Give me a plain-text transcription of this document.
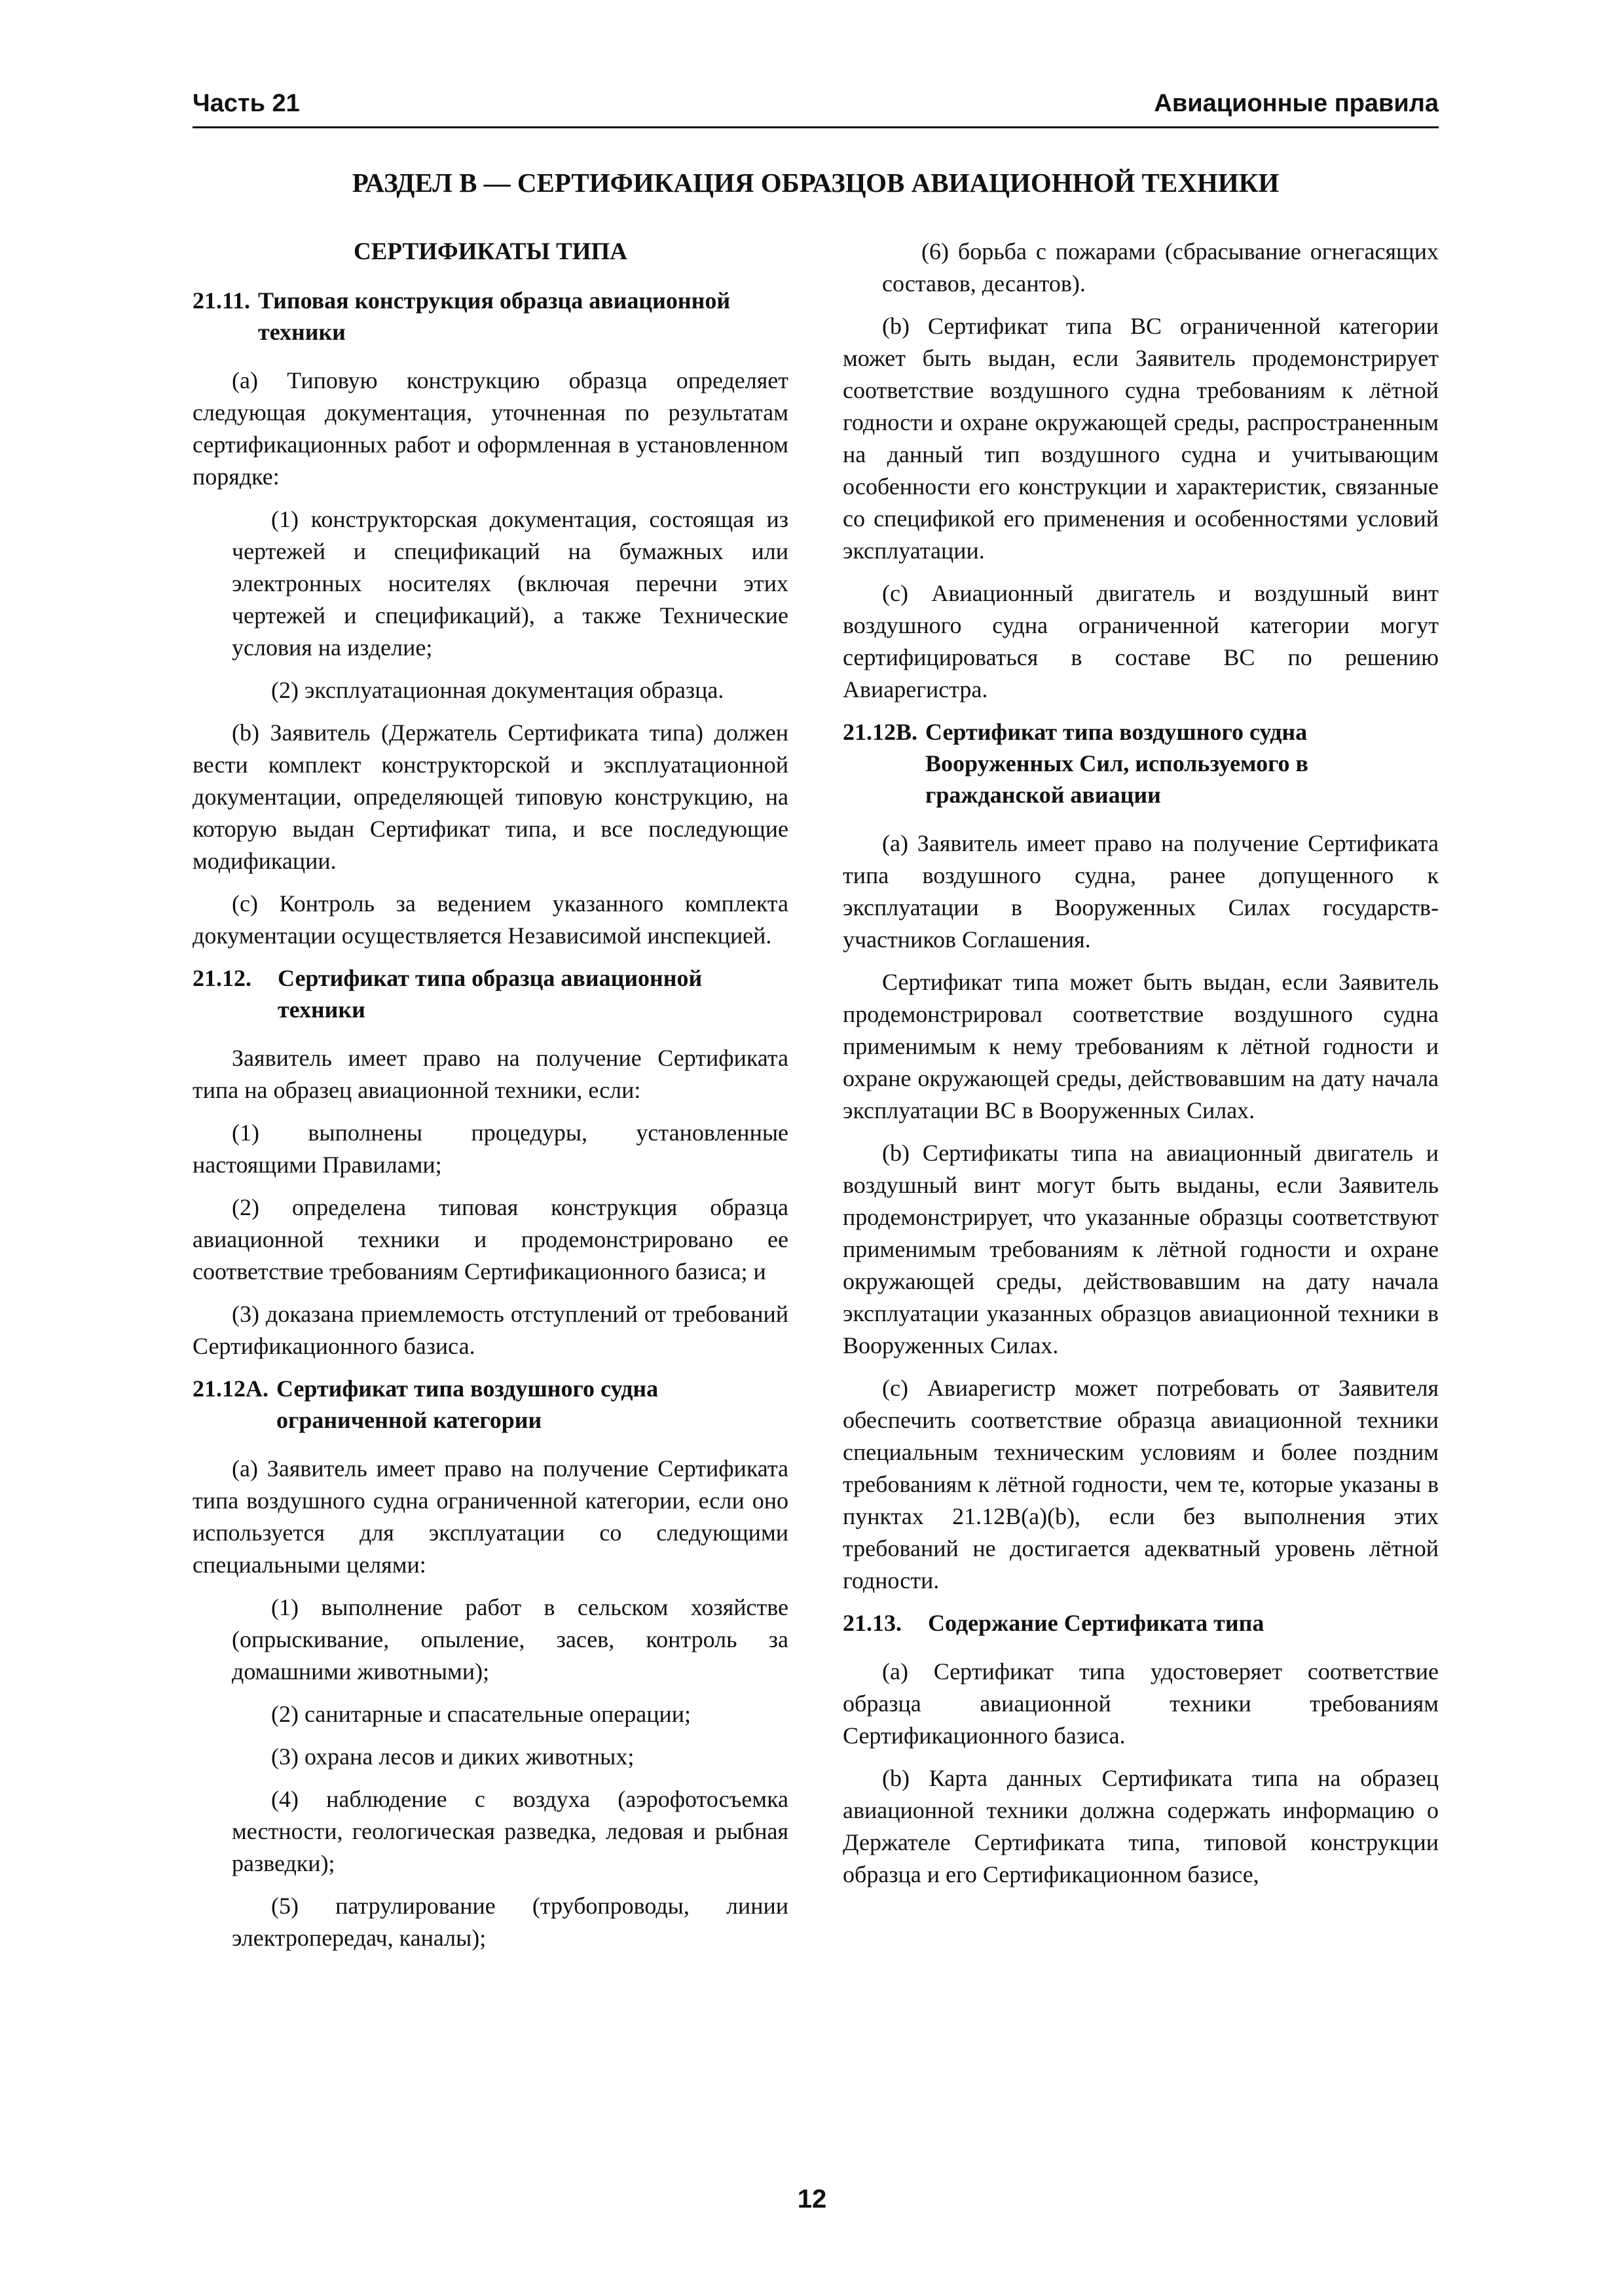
Часть 21	Авиационные правила
РАЗДЕЛ В — СЕРТИФИКАЦИЯ ОБРАЗЦОВ АВИАЦИОННОЙ ТЕХНИКИ
СЕРТИФИКАТЫ ТИПА
21.11. Типовая конструкция образца авиационной техники

(a) Типовую конструкцию образца определяет следующая документация, уточненная по результатам сертификационных работ и оформленная в установленном порядке:

(1) конструкторская документация, состоящая из чертежей и спецификаций на бумажных или электронных носителях (включая перечни этих чертежей и спецификаций), а также Технические условия на изделие;

(2) эксплуатационная документация образца.

(b) Заявитель (Держатель Сертификата типа) должен вести комплект конструкторской и эксплуатационной документации, определяющей типовую конструкцию, на которую выдан Сертификат типа, и все последующие модификации.

(c) Контроль за ведением указанного комплекта документации осуществляется Независимой инспекцией.

21.12. Сертификат типа образца авиационной техники

Заявитель имеет право на получение Сертификата типа на образец авиационной техники, если:

(1) выполнены процедуры, установленные настоящими Правилами;

(2) определена типовая конструкция образца авиационной техники и продемонстрировано ее соответствие требованиям Сертификационного базиса; и

(3) доказана приемлемость отступлений от требований Сертификационного базиса.

21.12А. Сертификат типа воздушного судна ограниченной категории

(a) Заявитель имеет право на получение Сертификата типа воздушного судна ограниченной категории, если оно используется для эксплуатации со следующими специальными целями:

(1) выполнение работ в сельском хозяйстве (опрыскивание, опыление, засев, контроль за домашними животными);

(2) санитарные и спасательные операции;

(3) охрана лесов и диких животных;

(4) наблюдение с воздуха (аэрофотосъемка местности, геологическая разведка, ледовая и рыбная разведки);

(5) патрулирование (трубопроводы, линии электропередач, каналы);

(6) борьба с пожарами (сбрасывание огнегасящих составов, десантов).

(b) Сертификат типа ВС ограниченной категории может быть выдан, если Заявитель продемонстрирует соответствие воздушного судна требованиям к лётной годности и охране окружающей среды, распространенным на данный тип воздушного судна и учитывающим особенности его конструкции и характеристик, связанные со спецификой его применения и особенностями условий эксплуатации.

(c) Авиационный двигатель и воздушный винт воздушного судна ограниченной категории могут сертифицироваться в составе ВС по решению Авиарегистра.

21.12В. Сертификат типа воздушного судна Вооруженных Сил, используемого в гражданской авиации

(a) Заявитель имеет право на получение Сертификата типа воздушного судна, ранее допущенного к эксплуатации в Вооруженных Силах государств-участников Соглашения.

Сертификат типа может быть выдан, если Заявитель продемонстрировал соответствие воздушного судна применимым к нему требованиям к лётной годности и охране окружающей среды, действовавшим на дату начала эксплуатации ВС в Вооруженных Силах.

(b) Сертификаты типа на авиационный двигатель и воздушный винт могут быть выданы, если Заявитель продемонстрирует, что указанные образцы соответствуют применимым требованиям к лётной годности и охране окружающей среды, действовавшим на дату начала эксплуатации указанных образцов авиационной техники в Вооруженных Силах.

(c) Авиарегистр может потребовать от Заявителя обеспечить соответствие образца авиационной техники специальным техническим условиям и более поздним требованиям к лётной годности, чем те, которые указаны в пунктах 21.12В(a)(b), если без выполнения этих требований не достигается адекватный уровень лётной годности.

21.13. Содержание Сертификата типа

(a) Сертификат типа удостоверяет соответствие образца авиационной техники требованиям Сертификационного базиса.

(b) Карта данных Сертификата типа на образец авиационной техники должна содержать информацию о Держателе Сертификата типа, типовой конструкции образца и его Сертификационном базисе,

12
